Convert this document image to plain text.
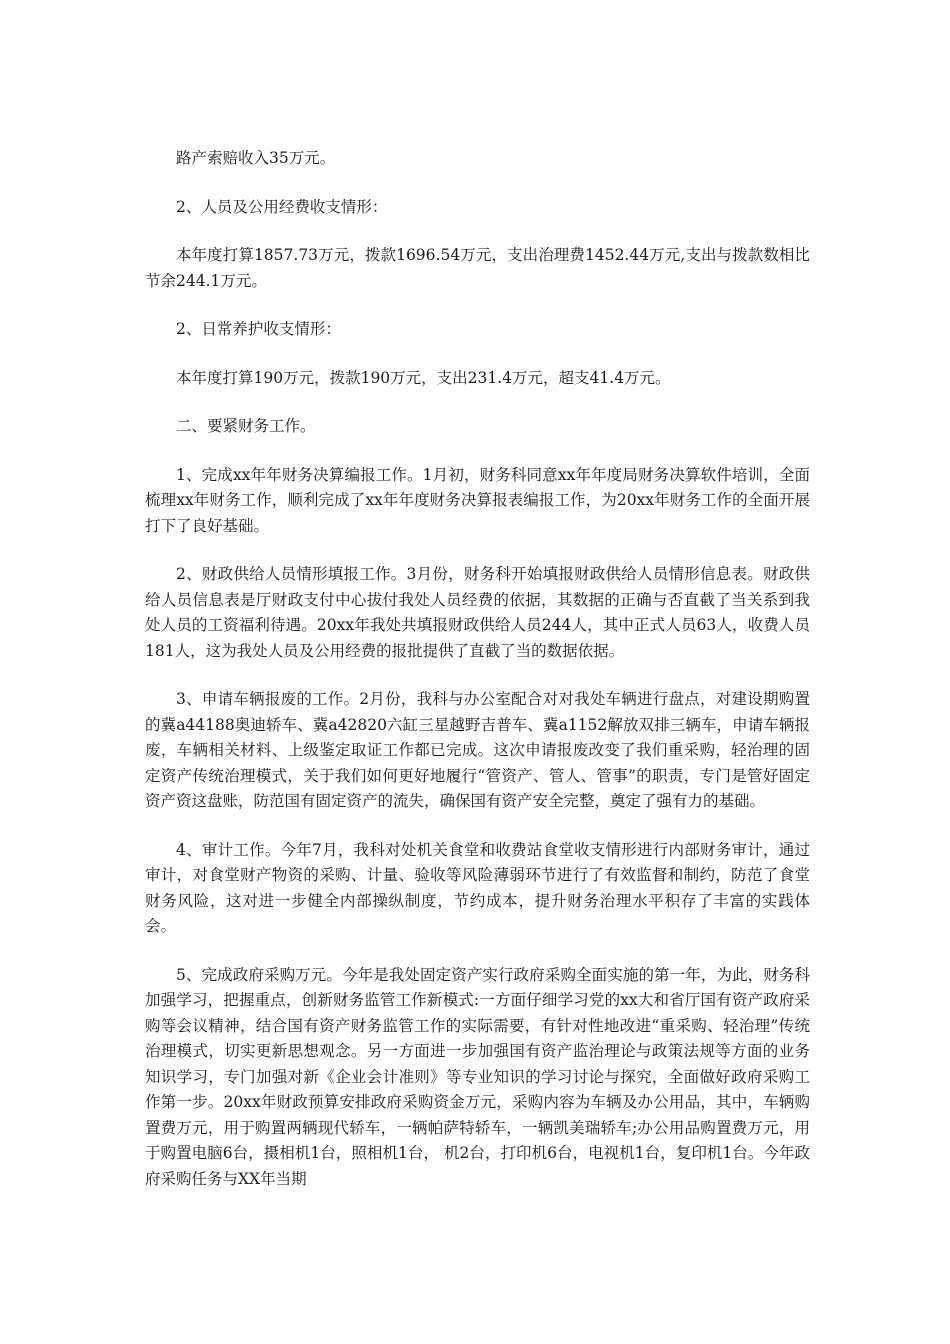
路产索赔收入35万元。

2、人员及公用经费收支情形：

本年度打算1857.73万元，拨款1696.54万元，支出治理费1452.44万元,支出与拨款数相比节余244.1万元。

2、日常养护收支情形：

本年度打算190万元，拨款190万元，支出231.4万元，超支41.4万元。

二、要紧财务工作。

1、完成xx年年财务决算编报工作。1月初，财务科同意xx年年度局财务决算软件培训，全面梳理xx年财务工作，顺利完成了xx年年度财务决算报表编报工作，为20xx年财务工作的全面开展打下了良好基础。

2、财政供给人员情形填报工作。3月份，财务科开始填报财政供给人员情形信息表。财政供给人员信息表是厅财政支付中心拔付我处人员经费的依据，其数据的正确与否直截了当关系到我处人员的工资福利待遇。20xx年我处共填报财政供给人员244人，其中正式人员63人，收费人员181人，这为我处人员及公用经费的报批提供了直截了当的数据依据。

3、申请车辆报废的工作。2月份，我科与办公室配合对对我处车辆进行盘点，对建设期购置的冀a44188奥迪轿车、冀a42820六缸三星越野吉普车、冀a1152解放双排三辆车，申请车辆报废，车辆相关材料、上级鉴定取证工作都已完成。这次申请报废改变了我们重采购，轻治理的固定资产传统治理模式，关于我们如何更好地履行“管资产、管人、管事”的职责，专门是管好固定资产资这盘账，防范国有固定资产的流失，确保国有资产安全完整，奠定了强有力的基础。

4、审计工作。今年7月，我科对处机关食堂和收费站食堂收支情形进行内部财务审计，通过审计，对食堂财产物资的采购、计量、验收等风险薄弱环节进行了有效监督和制约，防范了食堂财务风险，这对进一步健全内部操纵制度，节约成本，提升财务治理水平积存了丰富的实践体会。

5、完成政府采购万元。今年是我处固定资产实行政府采购全面实施的第一年，为此，财务科加强学习，把握重点，创新财务监管工作新模式:一方面仔细学习党的xx大和省厅国有资产政府采购等会议精神，结合国有资产财务监管工作的实际需要，有针对性地改进“重采购、轻治理”传统治理模式，切实更新思想观念。另一方面进一步加强国有资产监治理论与政策法规等方面的业务知识学习，专门加强对新《企业会计准则》等专业知识的学习讨论与探究，全面做好政府采购工作第一步。20xx年财政预算安排政府采购资金万元，采购内容为车辆及办公用品，其中，车辆购置费万元，用于购置两辆现代轿车，一辆帕萨特轿车，一辆凯美瑞轿车;办公用品购置费万元，用于购置电脑6台，摄相机1台，照相机1台， 机2台，打印机6台，电视机1台，复印机1台。今年政府采购任务与XX年当期
